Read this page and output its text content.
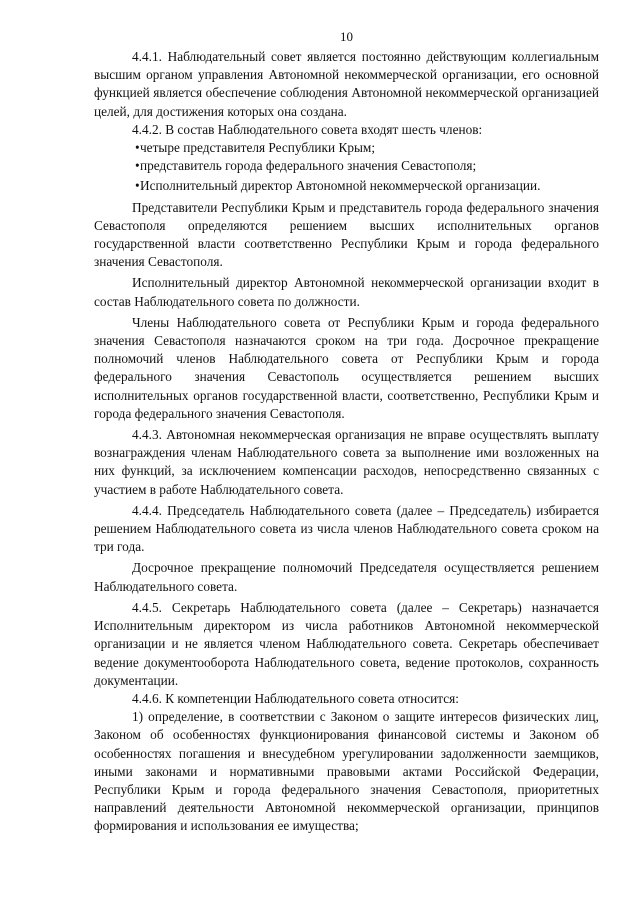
10

4.4.1. Наблюдательный совет является постоянно действующим коллегиальным высшим органом управления Автономной некоммерческой организации, его основной функцией является обеспечение соблюдения Автономной некоммерческой организацией целей, для достижения которых она создана.

4.4.2. В состав Наблюдательного совета входят шесть членов:

• четыре представителя Республики Крым;
• представитель города федерального значения Севастополя;
• Исполнительный директор Автономной некоммерческой организации.

Представители Республики Крым и представитель города федерального значения Севастополя определяются решением высших исполнительных органов государственной власти соответственно Республики Крым и города федерального значения Севастополя.

Исполнительный директор Автономной некоммерческой организации входит в состав Наблюдательного совета по должности.

Члены Наблюдательного совета от Республики Крым и города федерального значения Севастополя назначаются сроком на три года. Досрочное прекращение полномочий членов Наблюдательного совета от Республики Крым и города федерального значения Севастополь осуществляется решением высших исполнительных органов государственной власти, соответственно, Республики Крым и города федерального значения Севастополя.

4.4.3. Автономная некоммерческая организация не вправе осуществлять выплату вознаграждения членам Наблюдательного совета за выполнение ими возложенных на них функций, за исключением компенсации расходов, непосредственно связанных с участием в работе Наблюдательного совета.

4.4.4. Председатель Наблюдательного совета (далее – Председатель) избирается решением Наблюдательного совета из числа членов Наблюдательного совета сроком на три года.

Досрочное прекращение полномочий Председателя осуществляется решением Наблюдательного совета.

4.4.5. Секретарь Наблюдательного совета (далее – Секретарь) назначается Исполнительным директором из числа работников Автономной некоммерческой организации и не является членом Наблюдательного совета. Секретарь обеспечивает ведение документооборота Наблюдательного совета, ведение протоколов, сохранность документации.

4.4.6. К компетенции Наблюдательного совета относится:

1) определение, в соответствии с Законом о защите интересов физических лиц, Законом об особенностях функционирования финансовой системы и Законом об особенностях погашения и внесудебном урегулировании задолженности заемщиков, иными законами и нормативными правовыми актами Российской Федерации, Республики Крым и города федерального значения Севастополя, приоритетных направлений деятельности Автономной некоммерческой организации, принципов формирования и использования ее имущества;
